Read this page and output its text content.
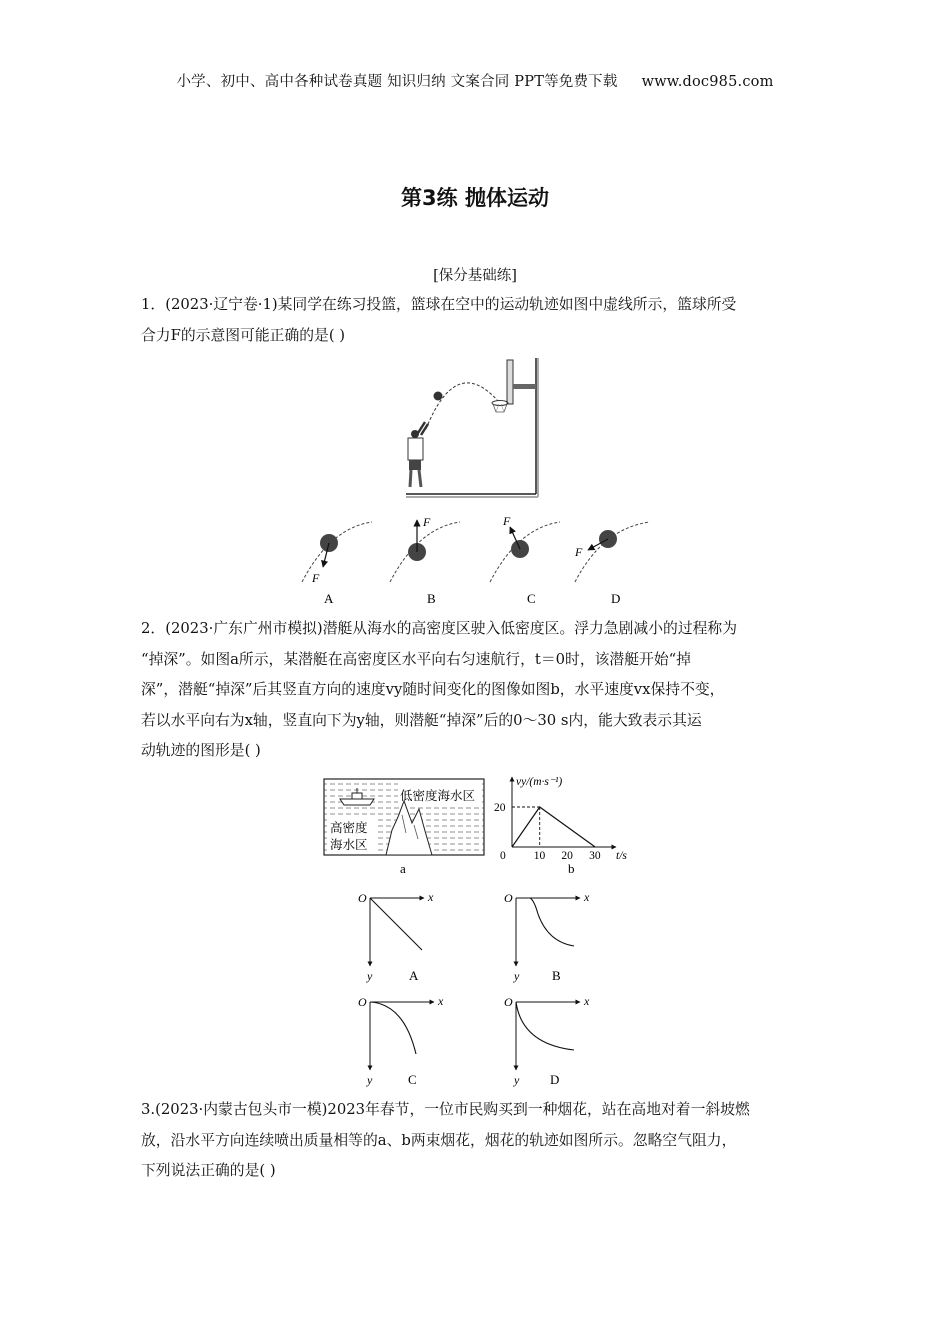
小学、初中、高中各种试卷真题 知识归纳 文案合同 PPT等免费下载 www.doc985.com
第3练 抛体运动
[保分基础练]
1．(2023·辽宁卷·1)某同学在练习投篮，篮球在空中的运动轨迹如图中虚线所示，篮球所受
合力F的示意图可能正确的是( )
F
A
F
B
F
C
F
D
2．(2023·广东广州市模拟)潜艇从海水的高密度区驶入低密度区。浮力急剧减小的过程称为
“掉深”。如图a所示，某潜艇在高密度区水平向右匀速航行，t＝0时，该潜艇开始“掉
深”，潜艇“掉深”后其竖直方向的速度vy随时间变化的图像如图b，水平速度vx保持不变，
若以水平向右为x轴，竖直向下为y轴，则潜艇“掉深”后的0～30 s内，能大致表示其运
动轨迹的图形是( )
低密度海水区
高密度
海水区
a
vy/(m·s⁻¹)
t/s
0 10 20 30
20
b
O	x
y	A
O	x
y	B
O	x
y	C
O	x
y D
3.(2023·内蒙古包头市一模)2023年春节，一位市民购买到一种烟花，站在高地对着一斜坡燃
放，沿水平方向连续喷出质量相等的a、b两束烟花，烟花的轨迹如图所示。忽略空气阻力，
下列说法正确的是( )
